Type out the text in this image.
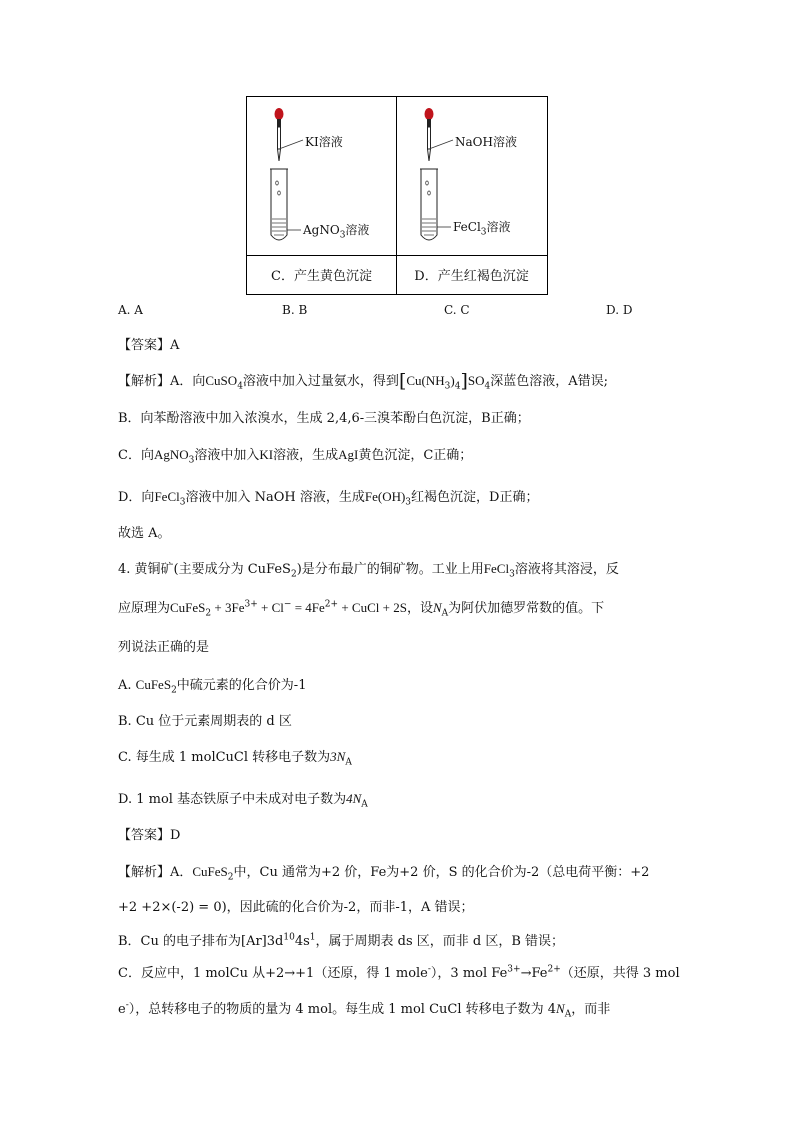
KI溶液
AgNO$_3$溶液
NaOH溶液
FeCl$_3$溶液
C．产生黄色沉淀	D．产生红褐色沉淀
A. A	B. B	C. C	D. D
【答案】A
【解析】A．向CuSO$_4$溶液中加入过量氨水，得到$[Cu(NH_3)_4]SO_4$深蓝色溶液，A错误;
B．向苯酚溶液中加入浓溴水，生成 2,4,6-三溴苯酚白色沉淀，B正确；
C．向AgNO$_3$溶液中加入KI溶液，生成AgI黄色沉淀，C正确；
D．向FeCl$_3$溶液中加入 NaOH 溶液，生成$Fe(OH)_3$红褐色沉淀，D正确；
故选 A。
4. 黄铜矿(主要成分为 CuFeS$_2$)是分布最广的铜矿物。工业上用FeCl$_3$溶液将其溶浸，反
应原理为CuFeS$_2$ + $3Fe^{3+} + Cl^- = 4Fe^{2+}$ + CuCl + 2S，设$N_A$为阿伏加德罗常数的值。下
列说法正确的是
A. CuFeS$_2$中硫元素的化合价为-1
B. Cu 位于元素周期表的 d 区
C. 每生成 1 molCuCl 转移电子数为$3N_A$
D. 1 mol 基态铁原子中未成对电子数为$4N_A$
【答案】D
【解析】A．CuFeS$_2$中，Cu 通常为+2 价，Fe为+2 价，S 的化合价为-2（总电荷平衡：+2
+2 +2×(-2) = 0)，因此硫的化合价为-2，而非-1，A 错误；
B．Cu 的电子排布为$[Ar]3d^{10}4s^1$，属于周期表 ds 区，而非 d 区，B 错误；
C．反应中，1 molCu 从+2→+1（还原，得 1 mole-），3 mol $Fe^{3+}\to Fe^{2+}$（还原，共得 3 mol
e-），总转移电子的物质的量为 4 mol。每生成 1 mol CuCl 转移电子数为 $4N_A$，而非
